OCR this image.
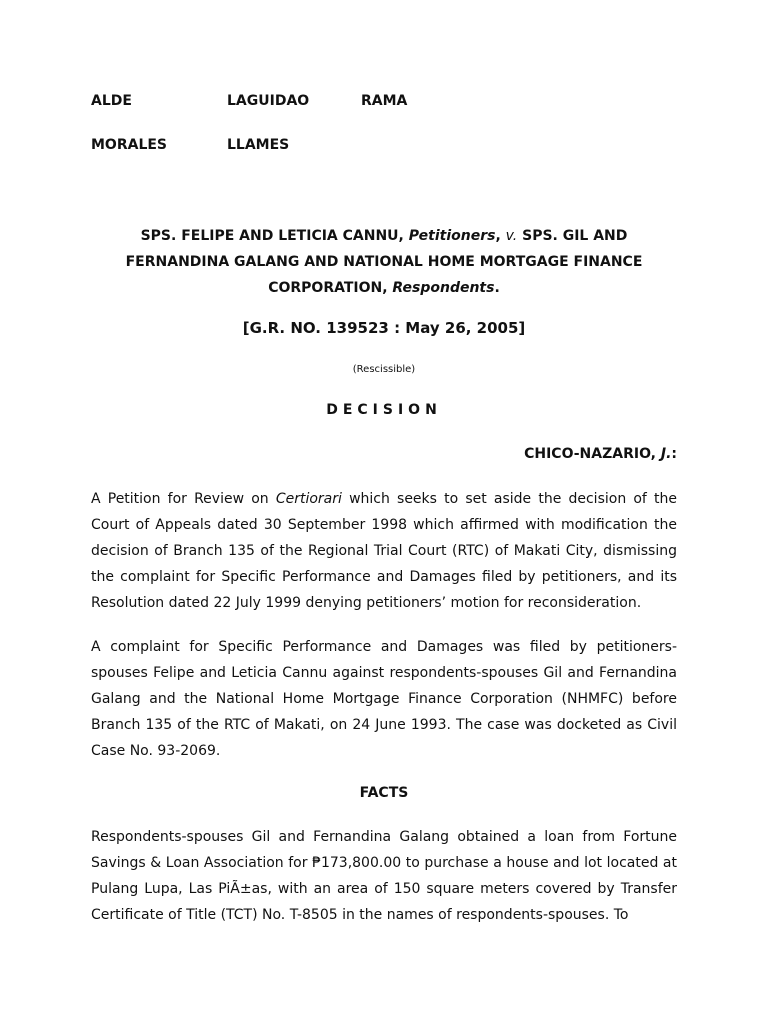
ALDE	LAGUIDAO	RAMA
MORALES	LLAMES
SPS. FELIPE AND LETICIA CANNU, Petitioners, v. SPS. GIL AND FERNANDINA GALANG AND NATIONAL HOME MORTGAGE FINANCE CORPORATION, Respondents.
[G.R. NO. 139523 : May 26, 2005]
(Rescissible)
DECISION
CHICO-NAZARIO, J.:

A Petition for Review on Certiorari which seeks to set aside the decision of the Court of Appeals dated 30 September 1998 which affirmed with modification the decision of Branch 135 of the Regional Trial Court (RTC) of Makati City, dismissing the complaint for Specific Performance and Damages filed by petitioners, and its Resolution dated 22 July 1999 denying petitioners’ motion for reconsideration.

A complaint for Specific Performance and Damages was filed by petitioners-spouses Felipe and Leticia Cannu against respondents-spouses Gil and Fernandina Galang and the National Home Mortgage Finance Corporation (NHMFC) before Branch 135 of the RTC of Makati, on 24 June 1993. The case was docketed as Civil Case No. 93-2069.

FACTS

Respondents-spouses Gil and Fernandina Galang obtained a loan from Fortune Savings & Loan Association for ₱173,800.00 to purchase a house and lot located at Pulang Lupa, Las PiÃ±as, with an area of 150 square meters covered by Transfer Certificate of Title (TCT) No. T-8505 in the names of respondents-spouses. To
